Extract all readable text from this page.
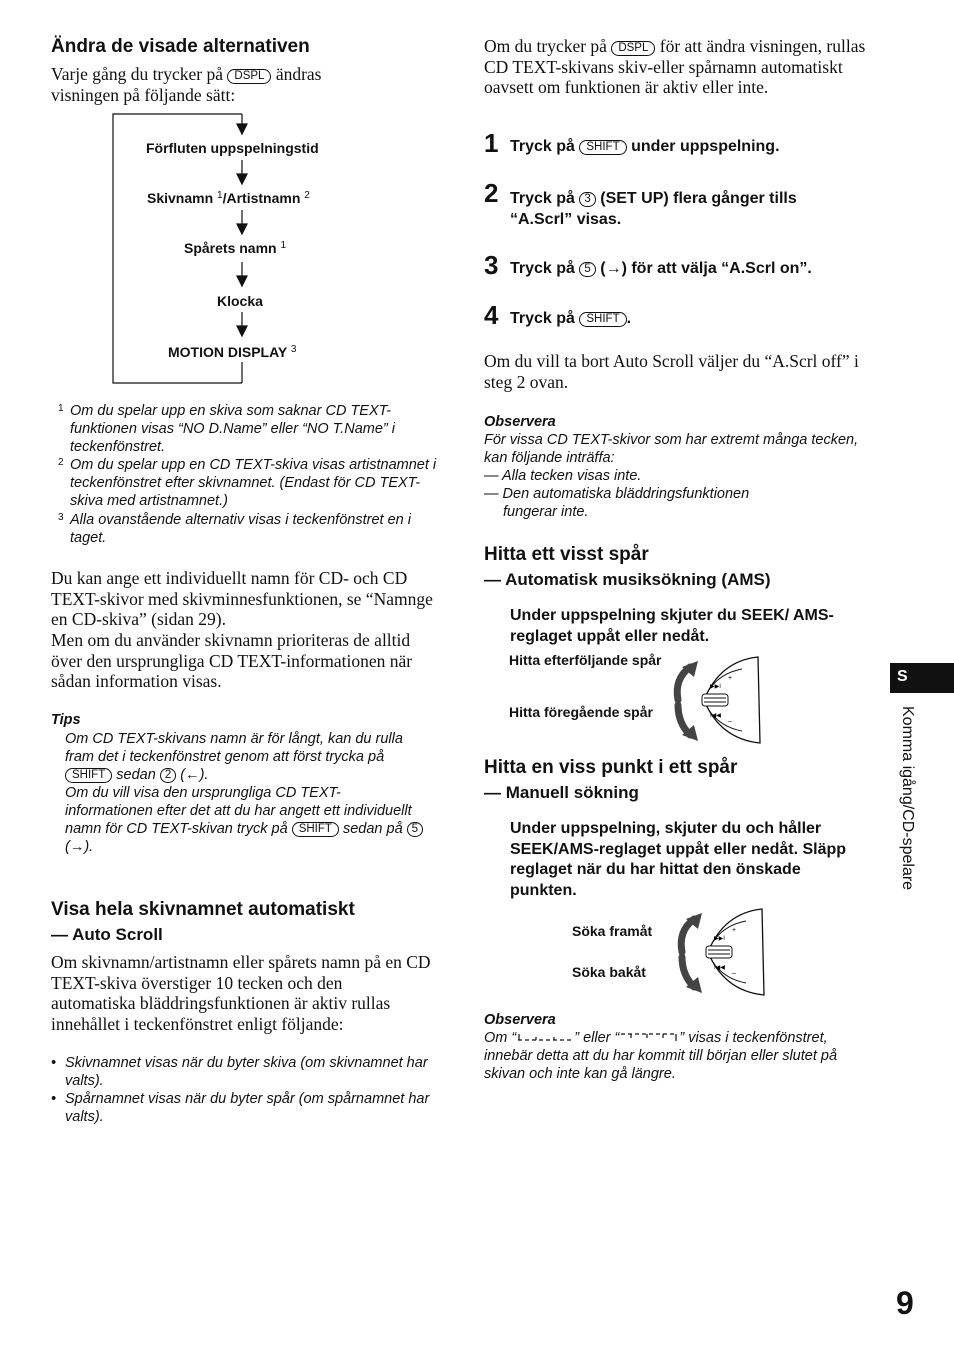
Ändra de visade alternativen
Varje gång du trycker på DSPL ändras
visningen på följande sätt:
Förfluten uppspelningstid
Skivnamn $^1$/Artistnamn $^2$
Spårets namn $^1$
Klocka
MOTION DISPLAY $^3$
1 Om du spelar upp en skiva som saknar CD TEXT-funktionen visas “NO D.Name” eller “NO T.Name” i teckenfönstret.
2 Om du spelar upp en CD TEXT-skiva visas artistnamnet i teckenfönstret efter skivnamnet. (Endast för CD TEXT-skiva med artistnamnet.)
3 Alla ovanstående alternativ visas i teckenfönstret en i taget.
Du kan ange ett individuellt namn för CD- och CD TEXT-skivor med skivminnesfunktionen, se “Namnge en CD-skiva” (sidan 29).
Men om du använder skivnamn prioriteras de alltid över den ursprungliga CD TEXT-informationen när sådan information visas.
Tips
Om CD TEXT-skivans namn är för långt, kan du rulla fram det i teckenfönstret genom att först trycka på SHIFT sedan 2 (←).
Om du vill visa den ursprungliga CD TEXT-informationen efter det att du har angett ett individuellt namn för CD TEXT-skivan tryck på SHIFT sedan på 5 (→).
Visa hela skivnamnet automatiskt
— Auto Scroll
Om skivnamn/artistnamn eller spårets namn på en CD TEXT-skiva överstiger 10 tecken och den automatiska bläddringsfunktionen är aktiv rullas innehållet i teckenfönstret enligt följande:
• Skivnamnet visas när du byter skiva (om skivnamnet har valts).
• Spårnamnet visas när du byter spår (om spårnamnet har valts).
Om du trycker på DSPL för att ändra visningen, rullas CD TEXT-skivans skiv-eller spårnamn automatiskt oavsett om funktionen är aktiv eller inte.
1 Tryck på SHIFT under uppspelning.
2 Tryck på 3 (SET UP) flera gånger tills
“A.Scrl” visas.
3 Tryck på 5 (→) för att välja “A.Scrl on”.
4 Tryck på SHIFT .
Om du vill ta bort Auto Scroll väljer du “A.Scrl off” i steg 2 ovan.
Observera
För vissa CD TEXT-skivor som har extremt många tecken, kan följande inträffa:
— Alla tecken visas inte.
— Den automatiska bläddringsfunktionen
fungerar inte.
Hitta ett visst spår
— Automatisk musiksökning (AMS)
Under uppspelning skjuter du SEEK/ AMS-reglaget uppåt eller nedåt.
Hitta efterföljande spår
Hitta föregående spår
+
–
▶▶I
I◀◀
Hitta en viss punkt i ett spår
— Manuell sökning
Under uppspelning, skjuter du och håller SEEK/AMS-reglaget uppåt eller nedåt. Släpp reglaget när du har hittat den önskade punkten.
Söka framåt
Söka bakåt
+
–
▶▶I
I◀◀
Observera
Om “	” eller “	” visas i teckenfönstret, innebär detta att du har kommit till början eller slutet på skivan och inte kan gå längre.
S
Komma igång/CD-spelare
9
